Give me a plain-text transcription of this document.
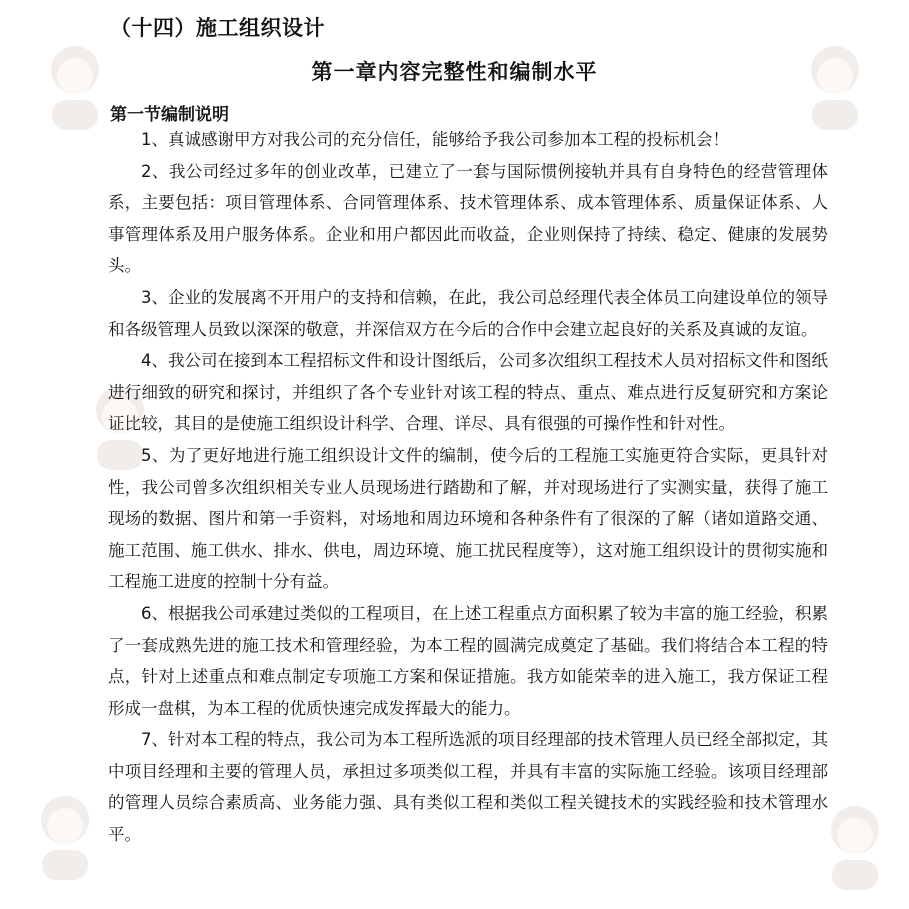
（十四）施工组织设计
第一章内容完整性和编制水平
第一节编制说明

1、真诚感谢甲方对我公司的充分信任，能够给予我公司参加本工程的投标机会！

2、我公司经过多年的创业改革，已建立了一套与国际惯例接轨并具有自身特色的经营管理体系，主要包括：项目管理体系、合同管理体系、技术管理体系、成本管理体系、质量保证体系、人事管理体系及用户服务体系。企业和用户都因此而收益，企业则保持了持续、稳定、健康的发展势头。

3、企业的发展离不开用户的支持和信赖，在此，我公司总经理代表全体员工向建设单位的领导和各级管理人员致以深深的敬意，并深信双方在今后的合作中会建立起良好的关系及真诚的友谊。

4、我公司在接到本工程招标文件和设计图纸后，公司多次组织工程技术人员对招标文件和图纸进行细致的研究和探讨，并组织了各个专业针对该工程的特点、重点、难点进行反复研究和方案论证比较，其目的是使施工组织设计科学、合理、详尽、具有很强的可操作性和针对性。

5、为了更好地进行施工组织设计文件的编制，使今后的工程施工实施更符合实际，更具针对性，我公司曾多次组织相关专业人员现场进行踏勘和了解，并对现场进行了实测实量，获得了施工现场的数据、图片和第一手资料，对场地和周边环境和各种条件有了很深的了解（诸如道路交通、施工范围、施工供水、排水、供电，周边环境、施工扰民程度等），这对施工组织设计的贯彻实施和工程施工进度的控制十分有益。

6、根据我公司承建过类似的工程项目，在上述工程重点方面积累了较为丰富的施工经验，积累了一套成熟先进的施工技术和管理经验，为本工程的圆满完成奠定了基础。我们将结合本工程的特点，针对上述重点和难点制定专项施工方案和保证措施。我方如能荣幸的进入施工，我方保证工程形成一盘棋，为本工程的优质快速完成发挥最大的能力。

7、针对本工程的特点，我公司为本工程所选派的项目经理部的技术管理人员已经全部拟定，其中项目经理和主要的管理人员，承担过多项类似工程，并具有丰富的实际施工经验。该项目经理部的管理人员综合素质高、业务能力强、具有类似工程和类似工程关键技术的实践经验和技术管理水平。
